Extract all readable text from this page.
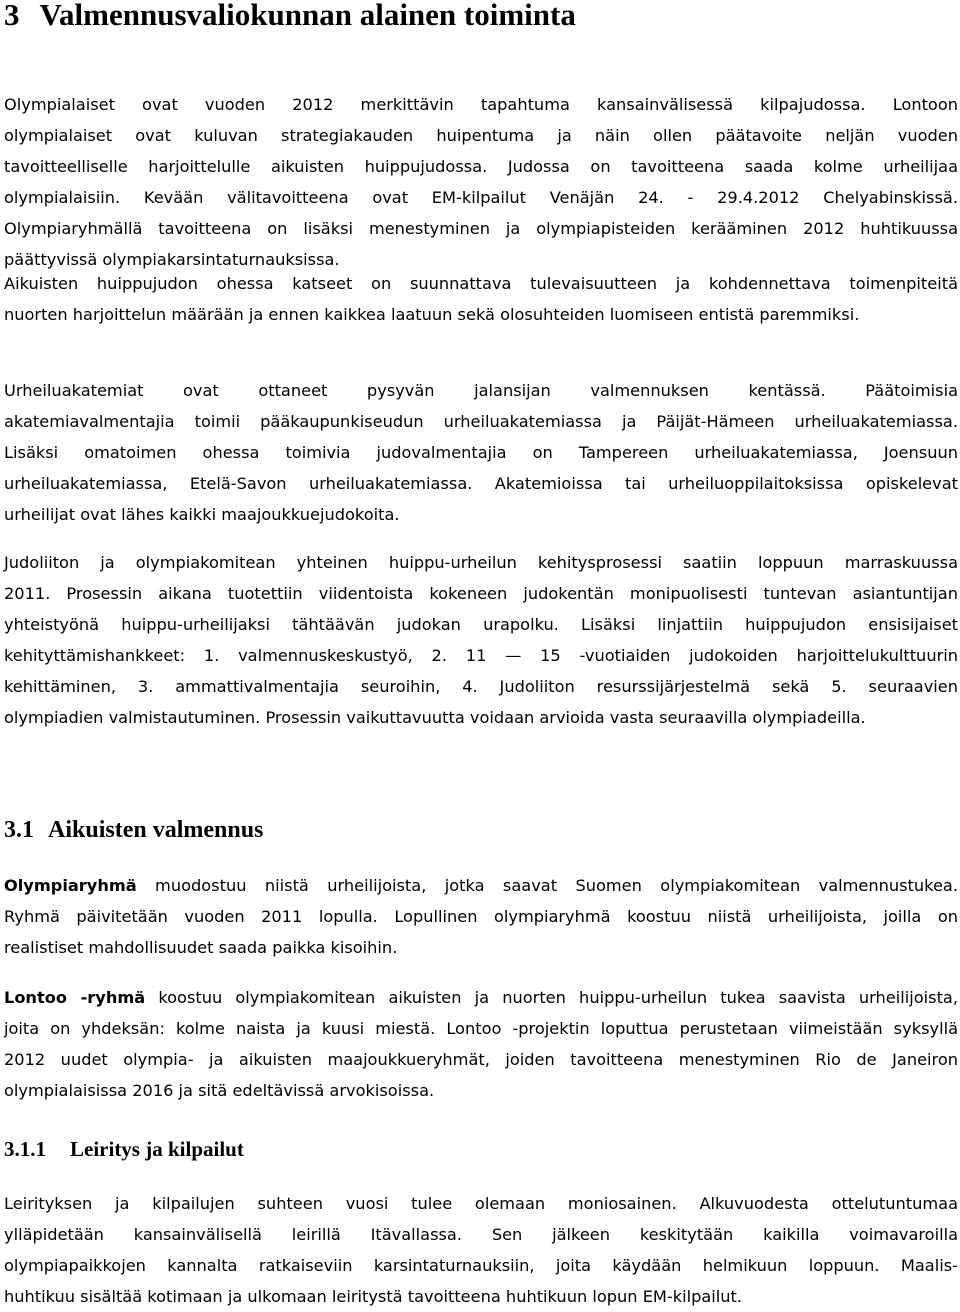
3 Valmennusvaliokunnan alainen toiminta

Olympialaiset ovat vuoden 2012 merkittävin tapahtuma kansainvälisessä kilpajudossa. Lontoon
olympialaiset ovat kuluvan strategiakauden huipentuma ja näin ollen päätavoite neljän vuoden
tavoitteelliselle harjoittelulle aikuisten huippujudossa. Judossa on tavoitteena saada kolme urheilijaa
olympialaisiin. Kevään välitavoitteena ovat EM-kilpailut Venäjän 24. - 29.4.2012 Chelyabinskissä.
Olympiaryhmällä tavoitteena on lisäksi menestyminen ja olympiapisteiden kerääminen 2012 huhtikuussa
päättyvissä olympiakarsintaturnauksissa.

Aikuisten huippujudon ohessa katseet on suunnattava tulevaisuutteen ja kohdennettava toimenpiteitä
nuorten harjoittelun määrään ja ennen kaikkea laatuun sekä olosuhteiden luomiseen entistä paremmiksi.

Urheiluakatemiat ovat ottaneet pysyvän jalansijan valmennuksen kentässä. Päätoimisia
akatemiavalmentajia toimii pääkaupunkiseudun urheiluakatemiassa ja Päijät-Hämeen urheiluakatemiassa.
Lisäksi omatoimen ohessa toimivia judovalmentajia on Tampereen urheiluakatemiassa, Joensuun
urheiluakatemiassa, Etelä-Savon urheiluakatemiassa. Akatemioissa tai urheiluoppilaitoksissa opiskelevat
urheilijat ovat lähes kaikki maajoukkuejudokoita.

Judoliiton ja olympiakomitean yhteinen huippu-urheilun kehitysprosessi saatiin loppuun marraskuussa
2011. Prosessin aikana tuotettiin viidentoista kokeneen judokentän monipuolisesti tuntevan asiantuntijan
yhteistyönä huippu-urheilijaksi tähtäävän judokan urapolku. Lisäksi linjattiin huippujudon ensisijaiset
kehityttämishankkeet: 1. valmennuskeskustyö, 2. 11 — 15 -vuotiaiden judokoiden harjoittelukulttuurin
kehittäminen, 3. ammattivalmentajia seuroihin, 4. Judoliiton resurssijärjestelmä sekä 5. seuraavien
olympiadien valmistautuminen. Prosessin vaikuttavuutta voidaan arvioida vasta seuraavilla olympiadeilla.

3.1 Aikuisten valmennus

Olympiaryhmä muodostuu niistä urheilijoista, jotka saavat Suomen olympiakomitean valmennustukea.
Ryhmä päivitetään vuoden 2011 lopulla. Lopullinen olympiaryhmä koostuu niistä urheilijoista, joilla on
realistiset mahdollisuudet saada paikka kisoihin.

Lontoo -ryhmä koostuu olympiakomitean aikuisten ja nuorten huippu-urheilun tukea saavista urheilijoista,
joita on yhdeksän: kolme naista ja kuusi miestä. Lontoo -projektin loputtua perustetaan viimeistään syksyllä
2012 uudet olympia- ja aikuisten maajoukkueryhmät, joiden tavoitteena menestyminen Rio de Janeiron
olympialaisissa 2016 ja sitä edeltävissä arvokisoissa.

3.1.1 Leiritys ja kilpailut

Leirityksen ja kilpailujen suhteen vuosi tulee olemaan moniosainen. Alkuvuodesta ottelutuntumaa
ylläpidetään kansainvälisellä leirillä Itävallassa. Sen jälkeen keskitytään kaikilla voimavaroilla
olympiapaikkojen kannalta ratkaiseviin karsintaturnauksiin, joita käydään helmikuun loppuun. Maalis-
huhtikuu sisältää kotimaan ja ulkomaan leiritystä tavoitteena huhtikuun lopun EM-kilpailut.
